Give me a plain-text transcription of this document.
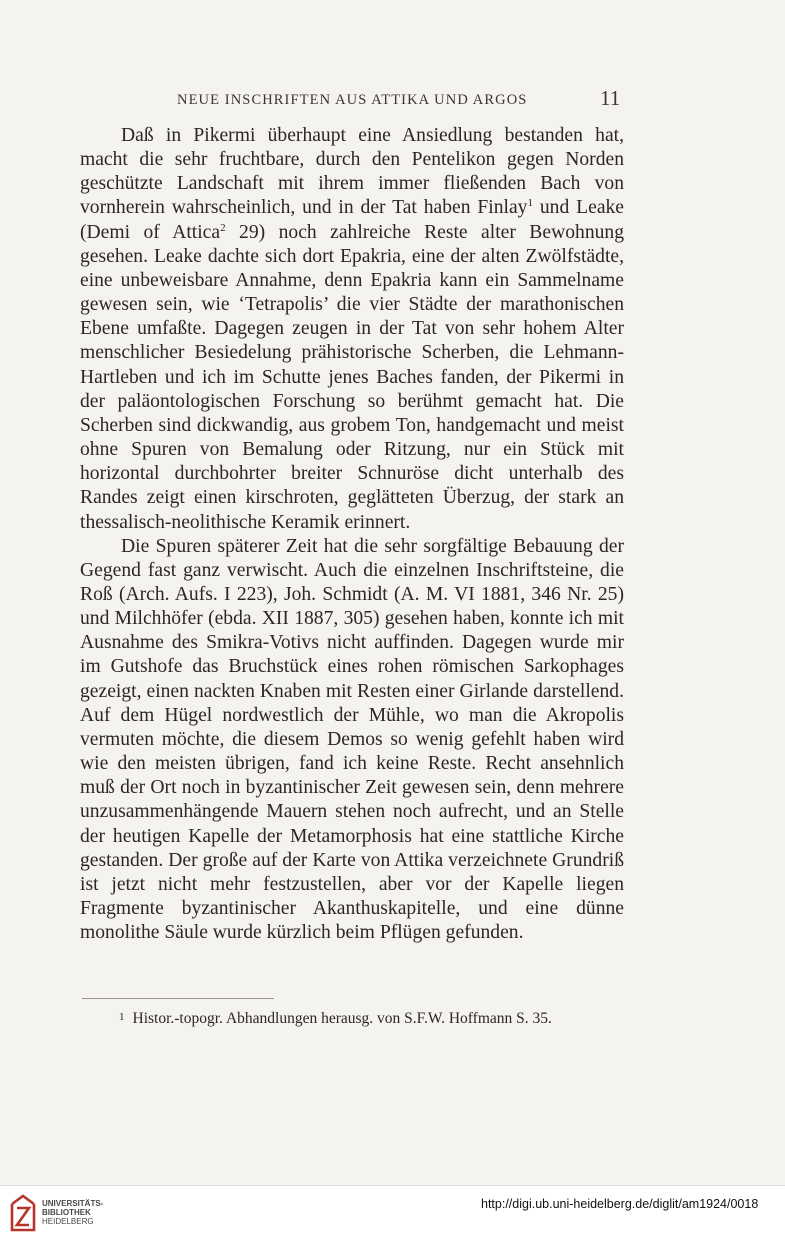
NEUE INSCHRIFTEN AUS ATTIKA UND ARGOS	11

Daß in Pikermi überhaupt eine Ansiedlung bestanden hat, macht die sehr fruchtbare, durch den Pentelikon gegen Norden geschützte Landschaft mit ihrem immer fließenden Bach von vornherein wahrscheinlich, und in der Tat haben Finlay$^1$ und Leake (Demi of Attica$^2$ 29) noch zahlreiche Reste alter Bewohnung gesehen. Leake dachte sich dort Epakria, eine der alten Zwölfstädte, eine unbeweisbare Annahme, denn Epakria kann ein Sammelname gewesen sein, wie ‘Tetrapolis’ die vier Städte der marathonischen Ebene umfaßte. Dagegen zeugen in der Tat von sehr hohem Alter menschlicher Besiedelung prähistorische Scherben, die Lehmann-Hartleben und ich im Schutte jenes Baches fanden, der Pikermi in der paläontologischen Forschung so berühmt gemacht hat. Die Scherben sind dickwandig, aus grobem Ton, handgemacht und meist ohne Spuren von Bemalung oder Ritzung, nur ein Stück mit horizontal durchbohrter breiter Schnuröse dicht unterhalb des Randes zeigt einen kirschroten, geglätteten Überzug, der stark an thessalisch-neolithische Keramik erinnert.

Die Spuren späterer Zeit hat die sehr sorgfältige Bebauung der Gegend fast ganz verwischt. Auch die einzelnen Inschriftsteine, die Roß (Arch. Aufs. I 223), Joh. Schmidt (A. M. VI 1881, 346 Nr. 25) und Milchhöfer (ebda. XII 1887, 305) gesehen haben, konnte ich mit Ausnahme des Smikra-Votivs nicht auffinden. Dagegen wurde mir im Gutshofe das Bruchstück eines rohen römischen Sarkophages gezeigt, einen nackten Knaben mit Resten einer Girlande darstellend. Auf dem Hügel nordwestlich der Mühle, wo man die Akropolis vermuten möchte, die diesem Demos so wenig gefehlt haben wird wie den meisten übrigen, fand ich keine Reste. Recht ansehnlich muß der Ort noch in byzantinischer Zeit gewesen sein, denn mehrere unzusammenhängende Mauern stehen noch aufrecht, und an Stelle der heutigen Kapelle der Metamorphosis hat eine stattliche Kirche gestanden. Der große auf der Karte von Attika verzeichnete Grundriß ist jetzt nicht mehr festzustellen, aber vor der Kapelle liegen Fragmente byzantinischer Akanthuskapitelle, und eine dünne monolithe Säule wurde kürzlich beim Pflügen gefunden.

1 Histor.-topogr. Abhandlungen herausg. von S.F.W. Hoffmann S. 35.
UNIVERSITÄTS-
BIBLIOTHEK
HEIDELBERG
http://digi.ub.uni-heidelberg.de/diglit/am1924/0018
